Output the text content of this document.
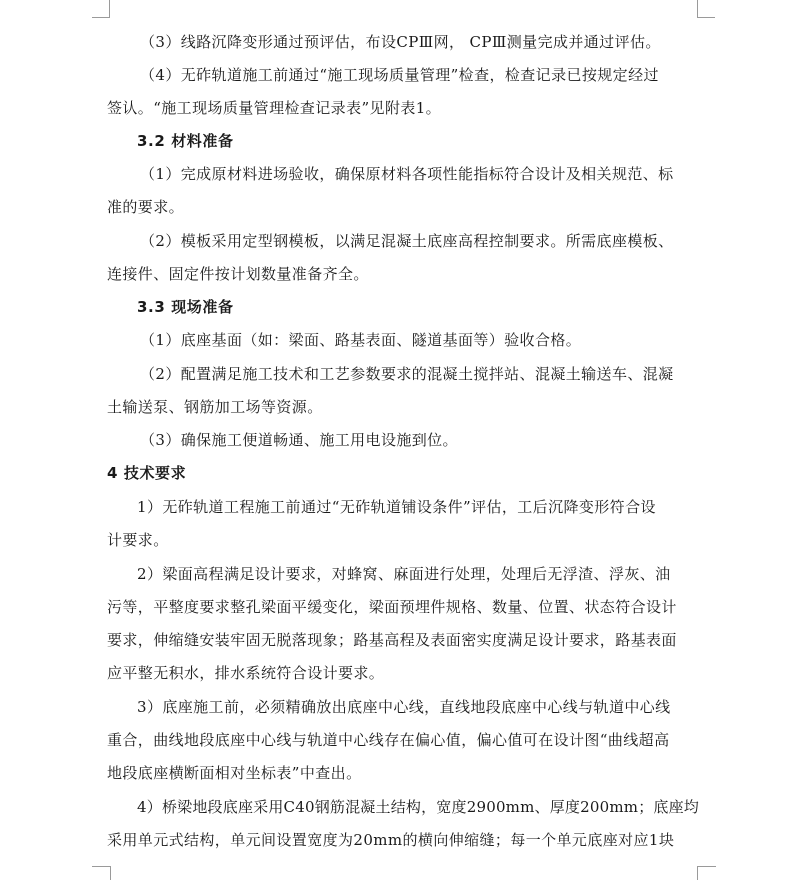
（3）线路沉降变形通过预评估，布设CPⅢ网， CPⅢ测量完成并通过评估。
（4）无砟轨道施工前通过“施工现场质量管理”检查，检查记录已按规定经过
签认。“施工现场质量管理检查记录表”见附表1。
3.2 材料准备
（1）完成原材料进场验收，确保原材料各项性能指标符合设计及相关规范、标
准的要求。
（2）模板采用定型钢模板，以满足混凝土底座高程控制要求。所需底座模板、
连接件、固定件按计划数量准备齐全。
3.3 现场准备
（1）底座基面（如：梁面、路基表面、隧道基面等）验收合格。
（2）配置满足施工技术和工艺参数要求的混凝土搅拌站、混凝土输送车、混凝
土输送泵、钢筋加工场等资源。
（3）确保施工便道畅通、施工用电设施到位。
4 技术要求
1）无砟轨道工程施工前通过“无砟轨道铺设条件”评估，工后沉降变形符合设
计要求。
2）梁面高程满足设计要求，对蜂窝、麻面进行处理，处理后无浮渣、浮灰、油
污等，平整度要求整孔梁面平缓变化，梁面预埋件规格、数量、位置、状态符合设计
要求，伸缩缝安装牢固无脱落现象；路基高程及表面密实度满足设计要求，路基表面
应平整无积水，排水系统符合设计要求。
3）底座施工前，必须精确放出底座中心线，直线地段底座中心线与轨道中心线
重合，曲线地段底座中心线与轨道中心线存在偏心值，偏心值可在设计图“曲线超高
地段底座横断面相对坐标表”中查出。
4）桥梁地段底座采用C40钢筋混凝土结构，宽度2900mm、厚度200mm；底座均
采用单元式结构，单元间设置宽度为20mm的横向伸缩缝；每一个单元底座对应1块
